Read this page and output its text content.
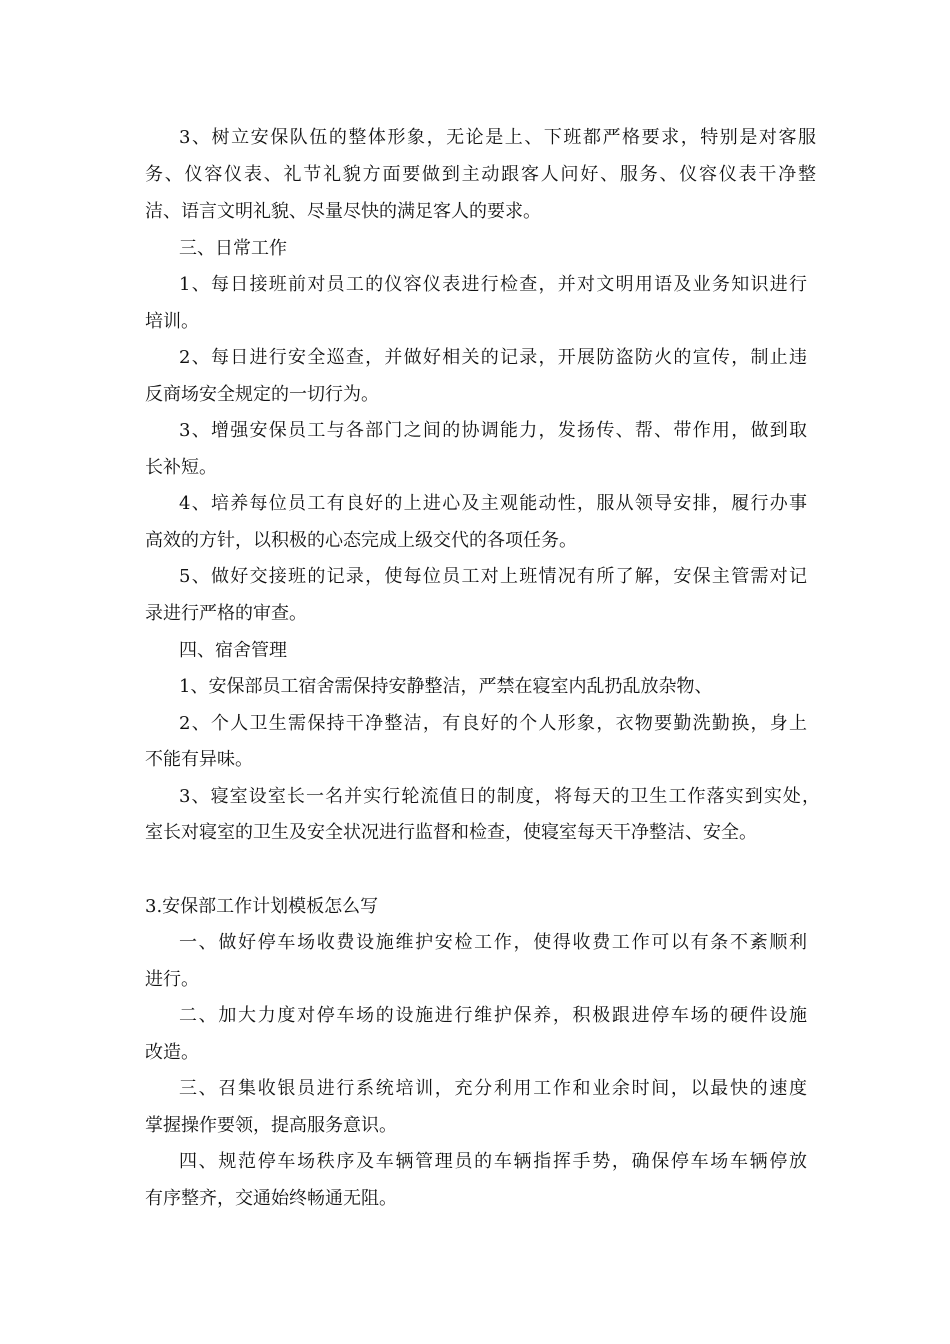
3、树立安保队伍的整体形象，无论是上、下班都严格要求，特别是对客服
务、仪容仪表、礼节礼貌方面要做到主动跟客人问好、服务、仪容仪表干净整
洁、语言文明礼貌、尽量尽快的满足客人的要求。
三、日常工作
1、每日接班前对员工的仪容仪表进行检查，并对文明用语及业务知识进行
培训。
2、每日进行安全巡查，并做好相关的记录，开展防盗防火的宣传，制止违
反商场安全规定的一切行为。
3、增强安保员工与各部门之间的协调能力，发扬传、帮、带作用，做到取
长补短。
4、培养每位员工有良好的上进心及主观能动性，服从领导安排，履行办事
高效的方针，以积极的心态完成上级交代的各项任务。
5、做好交接班的记录，使每位员工对上班情况有所了解，安保主管需对记
录进行严格的审查。
四、宿舍管理
1、安保部员工宿舍需保持安静整洁，严禁在寝室内乱扔乱放杂物、
2、个人卫生需保持干净整洁，有良好的个人形象，衣物要勤洗勤换，身上
不能有异味。
3、寝室设室长一名并实行轮流值日的制度，将每天的卫生工作落实到实处，
室长对寝室的卫生及安全状况进行监督和检查，使寝室每天干净整洁、安全。
3.安保部工作计划模板怎么写
一、做好停车场收费设施维护安检工作，使得收费工作可以有条不紊顺利
进行。
二、加大力度对停车场的设施进行维护保养，积极跟进停车场的硬件设施
改造。
三、召集收银员进行系统培训，充分利用工作和业余时间，以最快的速度
掌握操作要领，提高服务意识。
四、规范停车场秩序及车辆管理员的车辆指挥手势，确保停车场车辆停放
有序整齐，交通始终畅通无阻。
